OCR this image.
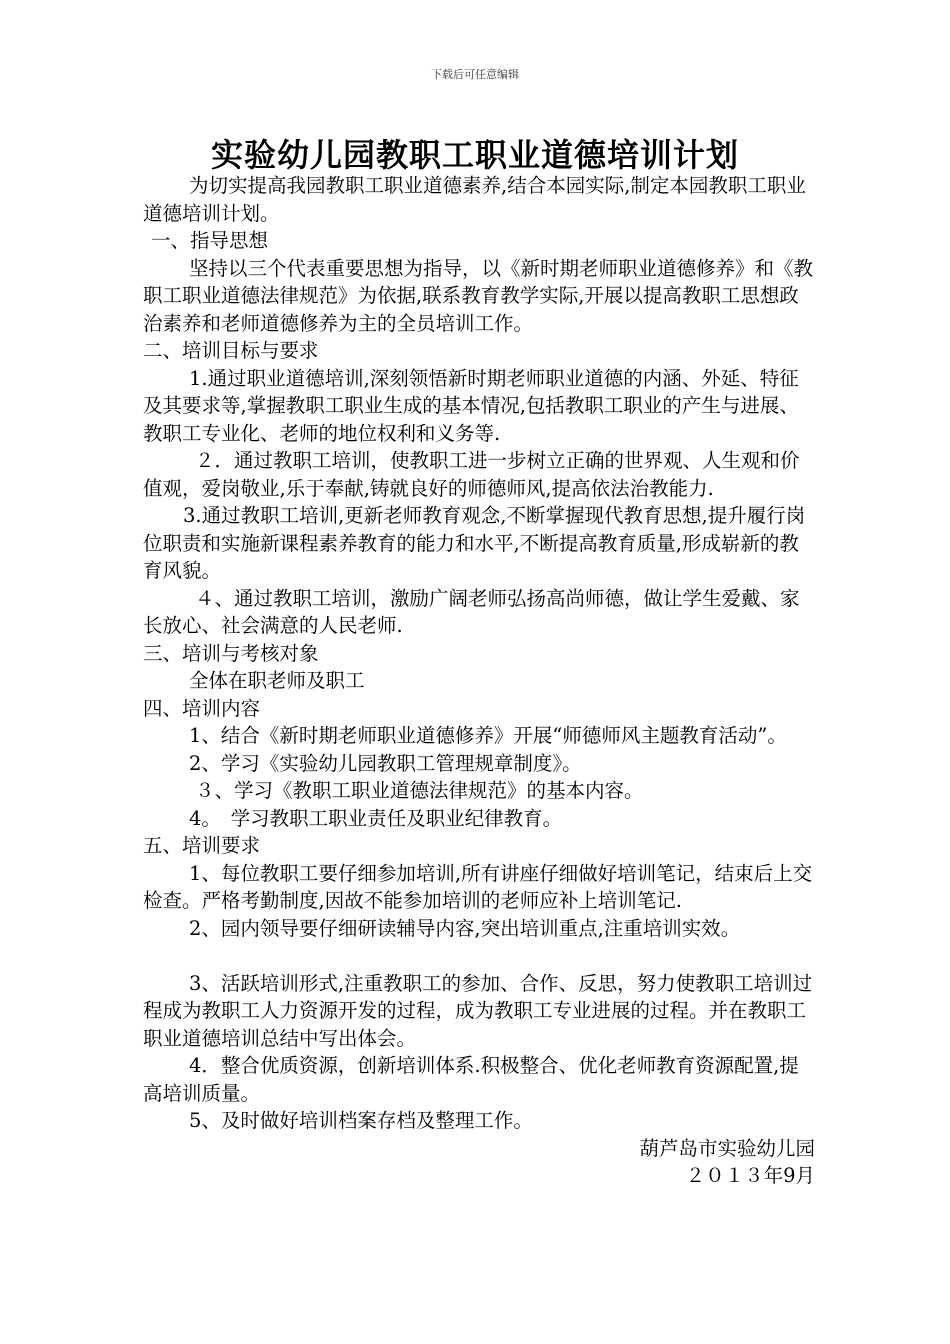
下载后可任意编辑
实验幼儿园教职工职业道德培训计划

为切实提高我园教职工职业道德素养,结合本园实际,制定本园教职工职业道德培训计划。

一、指导思想

坚持以三个代表重要思想为指导，以《新时期老师职业道德修养》和《教职工职业道德法律规范》为依据,联系教育教学实际,开展以提高教职工思想政治素养和老师道德修养为主的全员培训工作。

二、培训目标与要求

1.通过职业道德培训,深刻领悟新时期老师职业道德的内涵、外延、特征及其要求等,掌握教职工职业生成的基本情况,包括教职工职业的产生与进展、教职工专业化、老师的地位权利和义务等.

２．通过教职工培训，使教职工进一步树立正确的世界观、人生观和价值观，爱岗敬业,乐于奉献,铸就良好的师德师风,提高依法治教能力.

3.通过教职工培训,更新老师教育观念,不断掌握现代教育思想,提升履行岗位职责和实施新课程素养教育的能力和水平,不断提高教育质量,形成崭新的教育风貌。

４、通过教职工培训，激励广阔老师弘扬高尚师德，做让学生爱戴、家长放心、社会满意的人民老师.

三、培训与考核对象

全体在职老师及职工

四、培训内容

1、结合《新时期老师职业道德修养》开展“师德师风主题教育活动”。

2、学习《实验幼儿园教职工管理规章制度》。

３、学习《教职工职业道德法律规范》的基本内容。

4。　学习教职工职业责任及职业纪律教育。

五、培训要求

1、每位教职工要仔细参加培训,所有讲座仔细做好培训笔记，结束后上交检查。严格考勤制度,因故不能参加培训的老师应补上培训笔记.

2、园内领导要仔细研读辅导内容,突出培训重点,注重培训实效。

3、活跃培训形式,注重教职工的参加、合作、反思，努力使教职工培训过程成为教职工人力资源开发的过程，成为教职工专业进展的过程。并在教职工职业道德培训总结中写出体会。

4．整合优质资源，创新培训体系.积极整合、优化老师教育资源配置,提高培训质量。

5、及时做好培训档案存档及整理工作。

葫芦岛市实验幼儿园

２０１３年9月
